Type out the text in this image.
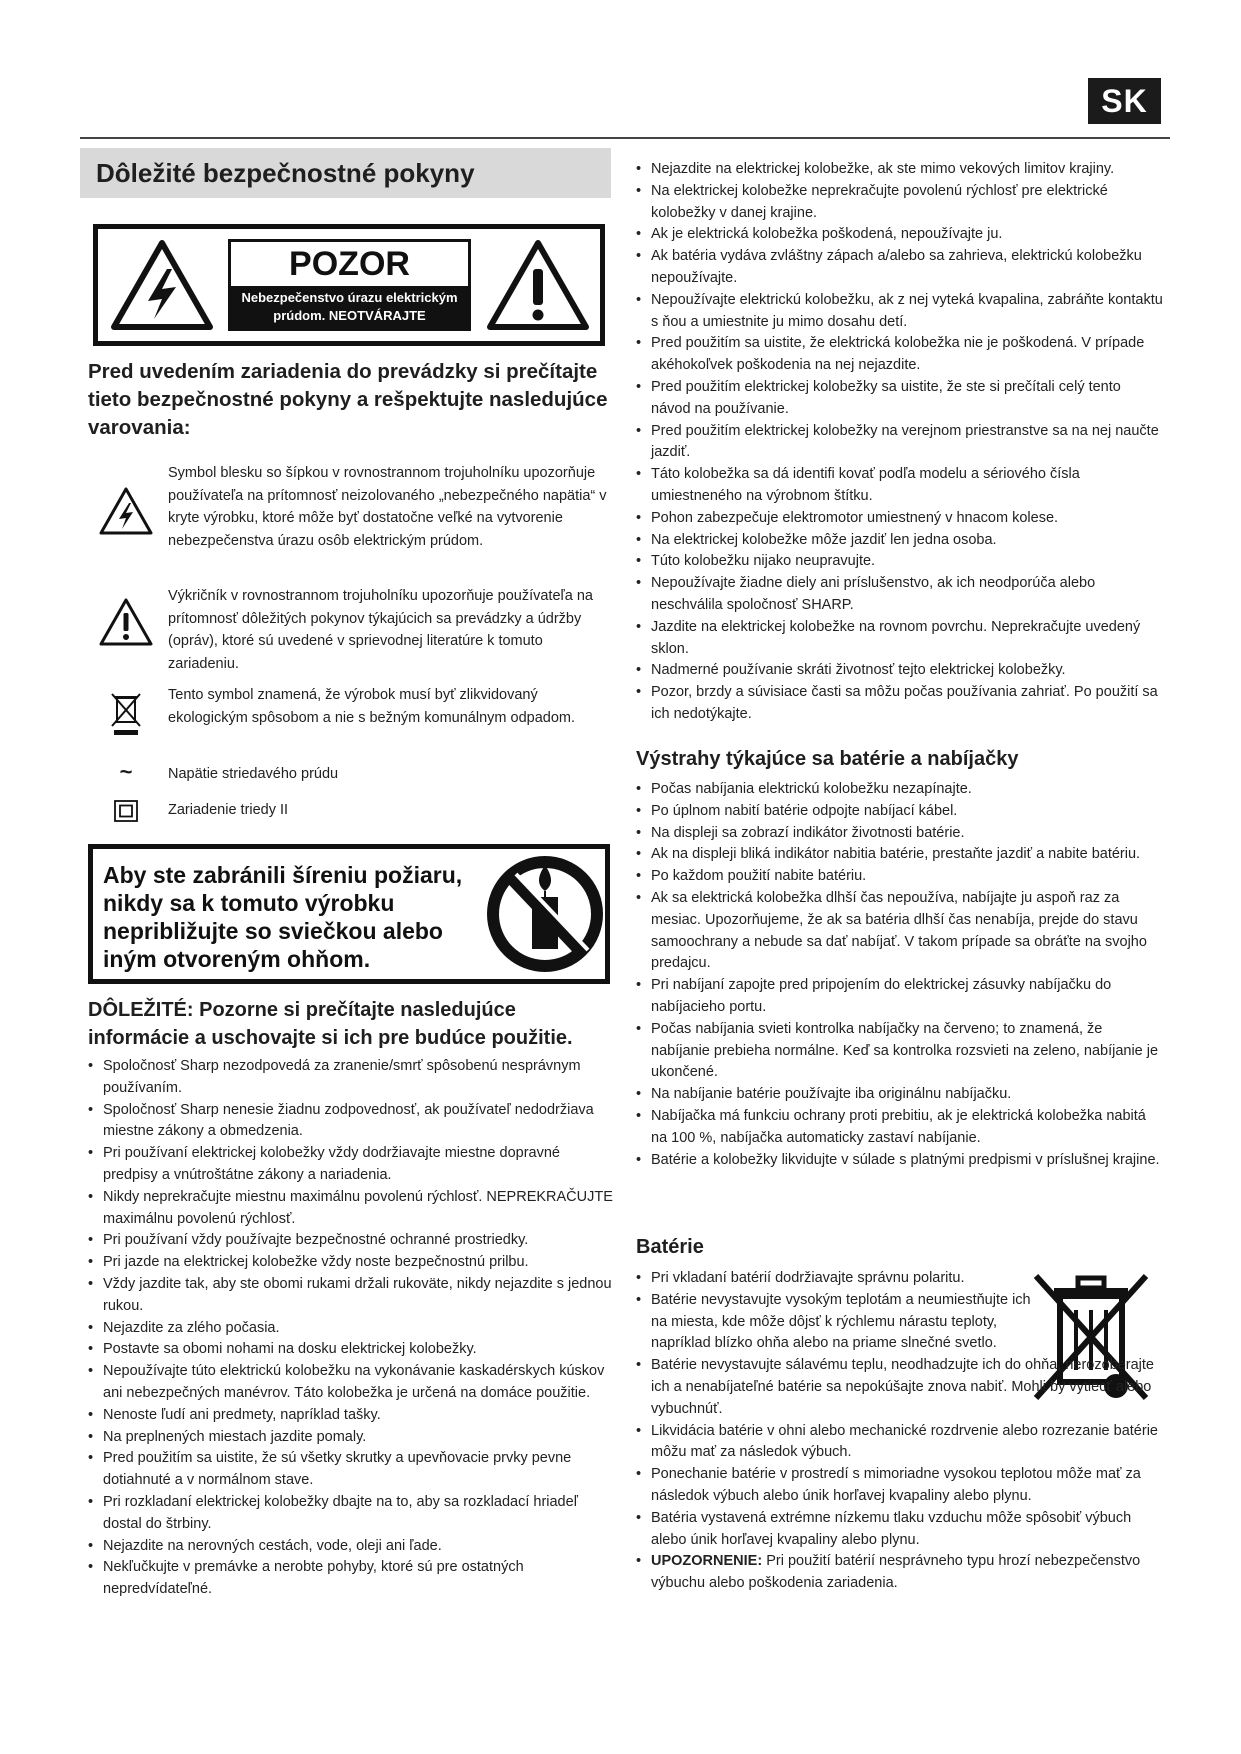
SK
Dôležité bezpečnostné pokyny
POZOR
Nebezpečenstvo úrazu elektrickým
prúdom. NEOTVÁRAJTE
Pred uvedením zariadenia do prevádzky si prečítajte tieto bezpečnostné pokyny a rešpektujte nasledujúce varovania:
Symbol blesku so šípkou v rovnostrannom trojuholníku upozorňuje používateľa na prítomnosť neizolovaného „nebezpečného napätia“ v kryte výrobku, ktoré môže byť dostatočne veľké na vytvorenie nebezpečenstva úrazu osôb elektrickým prúdom.
Výkričník v rovnostrannom trojuholníku upozorňuje používateľa na prítomnosť dôležitých pokynov týkajúcich sa prevádzky a údržby (opráv), ktoré sú uvedené v sprievodnej literatúre k tomuto zariadeniu.
Tento symbol znamená, že výrobok musí byť zlikvidovaný ekologickým spôsobom a nie s bežným komunálnym odpadom.
~	Napätie striedavého prúdu
Zariadenie triedy II
Aby ste zabránili šíreniu požiaru, nikdy sa k tomuto výrobku nepribližujte so sviečkou alebo iným otvoreným ohňom.
DÔLEŽITÉ: Pozorne si prečítajte nasledujúce informácie a uschovajte si ich pre budúce použitie.
• Spoločnosť Sharp nezodpovedá za zranenie/smrť spôsobenú nesprávnym používaním.
• Spoločnosť Sharp nenesie žiadnu zodpovednosť, ak používateľ nedodržiava miestne zákony a obmedzenia.
• Pri používaní elektrickej kolobežky vždy dodržiavajte miestne dopravné predpisy a vnútroštátne zákony a nariadenia.
• Nikdy neprekračujte miestnu maximálnu povolenú rýchlosť. NEPREKRAČUJTE maximálnu povolenú rýchlosť.
• Pri používaní vždy používajte bezpečnostné ochranné prostriedky.
• Pri jazde na elektrickej kolobežke vždy noste bezpečnostnú prilbu.
• Vždy jazdite tak, aby ste obomi rukami držali rukoväte, nikdy nejazdite s jednou rukou.
• Nejazdite za zlého počasia.
• Postavte sa obomi nohami na dosku elektrickej kolobežky.
• Nepoužívajte túto elektrickú kolobežku na vykonávanie kaskadérskych kúskov ani nebezpečných manévrov. Táto kolobežka je určená na domáce použitie.
• Nenoste ľudí ani predmety, napríklad tašky.
• Na preplnených miestach jazdite pomaly.
• Pred použitím sa uistite, že sú všetky skrutky a upevňovacie prvky pevne dotiahnuté a v normálnom stave.
• Pri rozkladaní elektrickej kolobežky dbajte na to, aby sa rozkladací hriadeľ dostal do štrbiny.
• Nejazdite na nerovných cestách, vode, oleji ani ľade.
• Nekľučkujte v premávke a nerobte pohyby, ktoré sú pre ostatných nepredvídateľné.
• Nejazdite na elektrickej kolobežke, ak ste mimo vekových limitov krajiny.
• Na elektrickej kolobežke neprekračujte povolenú rýchlosť pre elektrické kolobežky v danej krajine.
• Ak je elektrická kolobežka poškodená, nepoužívajte ju.
• Ak batéria vydáva zvláštny zápach a/alebo sa zahrieva, elektrickú kolobežku nepoužívajte.
• Nepoužívajte elektrickú kolobežku, ak z nej vyteká kvapalina, zabráňte kontaktu s ňou a umiestnite ju mimo dosahu detí.
• Pred použitím sa uistite, že elektrická kolobežka nie je poškodená. V prípade akéhokoľvek poškodenia na nej nejazdite.
• Pred použitím elektrickej kolobežky sa uistite, že ste si prečítali celý tento návod na používanie.
• Pred použitím elektrickej kolobežky na verejnom priestranstve sa na nej naučte jazdiť.
• Táto kolobežka sa dá identifi kovať podľa modelu a sériového čísla umiestneného na výrobnom štítku.
• Pohon zabezpečuje elektromotor umiestnený v hnacom kolese.
• Na elektrickej kolobežke môže jazdiť len jedna osoba.
• Túto kolobežku nijako neupravujte.
• Nepoužívajte žiadne diely ani príslušenstvo, ak ich neodporúča alebo neschválila spoločnosť SHARP.
• Jazdite na elektrickej kolobežke na rovnom povrchu. Neprekračujte uvedený sklon.
• Nadmerné používanie skráti životnosť tejto elektrickej kolobežky.
• Pozor, brzdy a súvisiace časti sa môžu počas používania zahriať. Po použití sa ich nedotýkajte.
Výstrahy týkajúce sa batérie a nabíjačky
• Počas nabíjania elektrickú kolobežku nezapínajte.
• Po úplnom nabití batérie odpojte nabíjací kábel.
• Na displeji sa zobrazí indikátor životnosti batérie.
• Ak na displeji bliká indikátor nabitia batérie, prestaňte jazdiť a nabite batériu.
• Po každom použití nabite batériu.
• Ak sa elektrická kolobežka dlhší čas nepoužíva, nabíjajte ju aspoň raz za mesiac. Upozorňujeme, že ak sa batéria dlhší čas nenabíja, prejde do stavu samoochrany a nebude sa dať nabíjať. V takom prípade sa obráťte na svojho predajcu.
• Pri nabíjaní zapojte pred pripojením do elektrickej zásuvky nabíjačku do nabíjacieho portu.
• Počas nabíjania svieti kontrolka nabíjačky na červeno; to znamená, že nabíjanie prebieha normálne. Keď sa kontrolka rozsvieti na zeleno, nabíjanie je ukončené.
• Na nabíjanie batérie používajte iba originálnu nabíjačku.
• Nabíjačka má funkciu ochrany proti prebitiu, ak je elektrická kolobežka nabitá na 100 %, nabíjačka automaticky zastaví nabíjanie.
• Batérie a kolobežky likvidujte v súlade s platnými predpismi v príslušnej krajine.
Batérie
• Pri vkladaní batérií dodržiavajte správnu polaritu.
• Batérie nevystavujte vysokým teplotám a neumiestňujte ich na miesta, kde môže dôjsť k rýchlemu nárastu teploty, napríklad blízko ohňa alebo na priame slnečné svetlo.
• Batérie nevystavujte sálavému teplu, neodhadzujte ich do ohňa, nerozoberajte ich a nenabíjateľné batérie sa nepokúšajte znova nabiť. Mohli by vytiecť alebo vybuchnúť.
• Likvidácia batérie v ohni alebo mechanické rozdrvenie alebo rozrezanie batérie môžu mať za následok výbuch.
• Ponechanie batérie v prostredí s mimoriadne vysokou teplotou môže mať za následok výbuch alebo únik horľavej kvapaliny alebo plynu.
• Batéria vystavená extrémne nízkemu tlaku vzduchu môže spôsobiť výbuch alebo únik horľavej kvapaliny alebo plynu.
• UPOZORNENIE: Pri použití batérií nesprávneho typu hrozí nebezpečenstvo výbuchu alebo poškodenia zariadenia.
